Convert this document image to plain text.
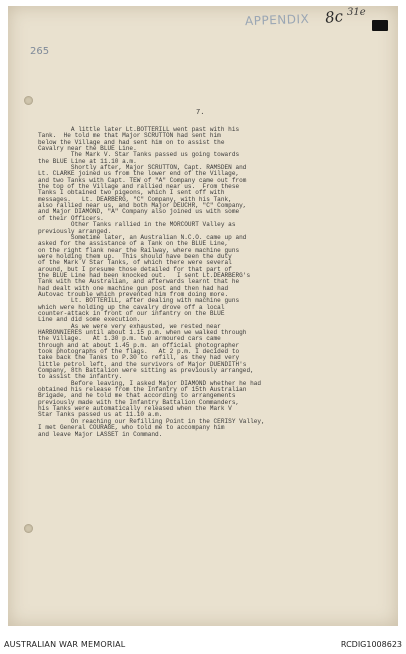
APPENDIX 8c 31e
265
7.

A little later Lt.BOTTERILL went past with his

Tank.  He told me that Major SCRUTTON had sent him

below the Village and had sent him on to assist the

Cavalry near the BLUE Line.

The Mark V. Star Tanks passed us going towards

the BLUE Line at 11.10 a.m.

Shortly after, Major SCRUTTON, Capt. RAMSDEN and

Lt. CLARKE joined us from the lower end of the Village,

and two Tanks with Capt. TEW of "A" Company came out from

the top of the Village and rallied near us.  From these

Tanks I obtained two pigeons, which I sent off with

messages.   Lt. DEARBERG, "C" Company, with his Tank,

also rallied near us, and both Major DEUCHR, "C" Company,

and Major DIAMOND, "A" Company also joined us with some

of their Officers.

Other Tanks rallied in the MORCOURT Valley as

previously arranged.

Sometime later, an Australian N.C.O. came up and

asked for the assistance of a Tank on the BLUE Line,

on the right flank near the Railway, where machine guns

were holding them up.  This should have been the duty

of the Mark V Star Tanks, of which there were several

around, but I presume those detailed for that part of

the BLUE Line had been knocked out.   I sent Lt.DEARBERG's

Tank with the Australian, and afterwards learnt that he

had dealt with one machine gun post and then had had

Autovac trouble which prevented him from doing more.

Lt. BOTTERILL, after dealing with machine guns

which were holding up the cavalry drove off a local

counter-attack in front of our infantry on the BLUE

Line and did some execution.

As we were very exhausted, we rested near

HARBONNIERES until about 1.15 p.m. when we walked through

the Village.   At 1.30 p.m. two armoured cars came

through and at about 1.45 p.m. an official photographer

took photographs of the flags.   At 2 p.m. I decided to

take back the Tanks to P.30 to refill, as they had very

little petrol left, and the survivors of Major DUENDITH's

Company, 8th Battalion were sitting as previously arranged,

to assist the infantry.

Before leaving, I asked Major DIAMOND whether he had

obtained his release from the Infantry of 15th Australian

Brigade, and he told me that according to arrangements

previously made with the Infantry Battalion Commanders,

his Tanks were automatically released when the Mark V

Star Tanks passed us at 11.10 a.m.

On reaching our Refilling Point in the CERISY Valley,

I met General COURAGE, who told me to accompany him

and leave Major LASSET in Command.

AUSTRALIAN WAR MEMORIAL	RCDIG1008623
